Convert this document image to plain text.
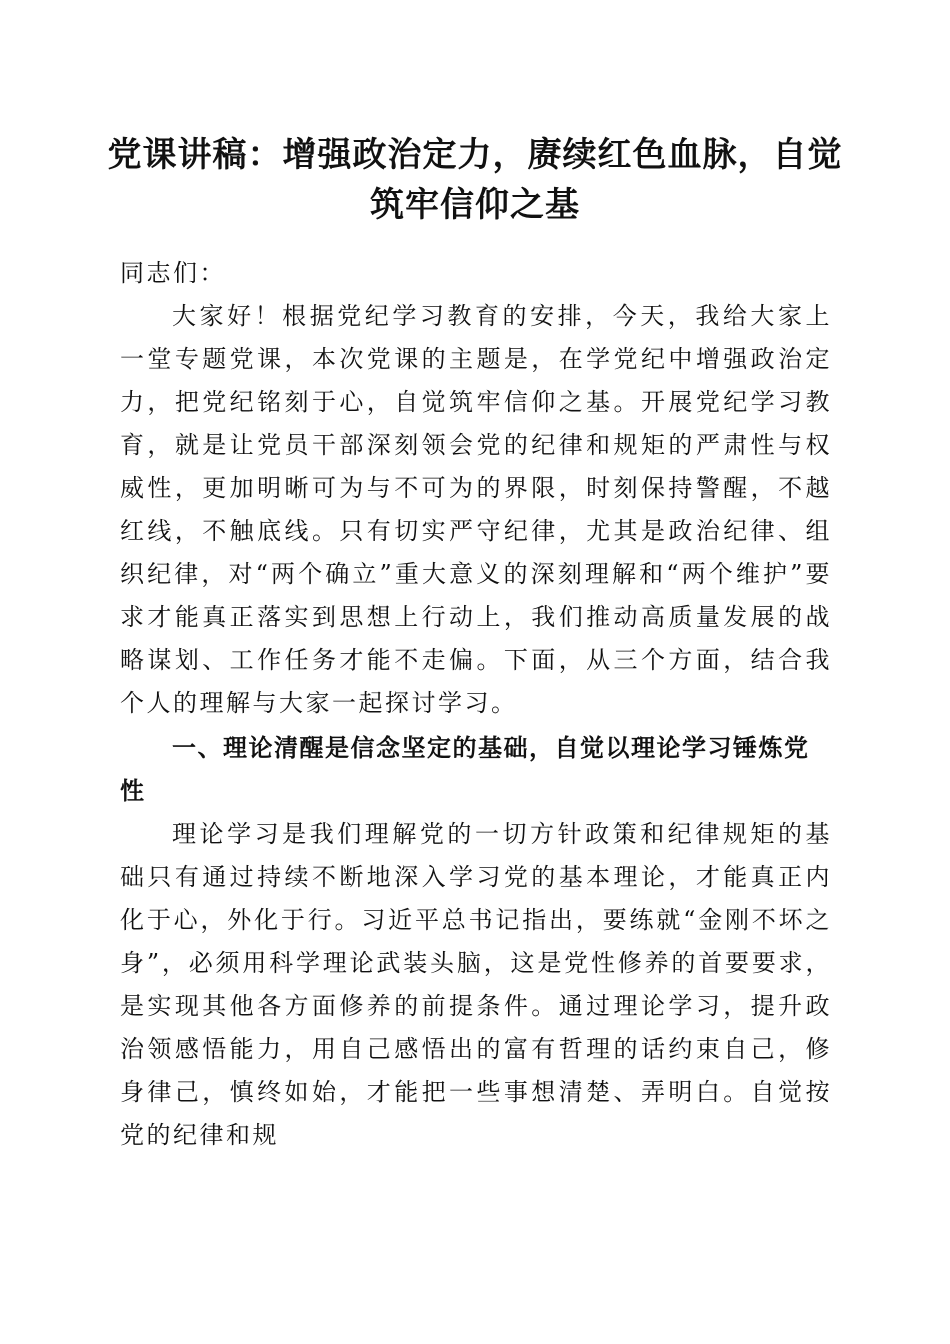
党课讲稿：增强政治定力，赓续红色血脉，自觉筑牢信仰之基

同志们：

大家好！根据党纪学习教育的安排，今天，我给大家上一堂专题党课，本次党课的主题是，在学党纪中增强政治定力，把党纪铭刻于心，自觉筑牢信仰之基。开展党纪学习教育，就是让党员干部深刻领会党的纪律和规矩的严肃性与权威性，更加明晰可为与不可为的界限，时刻保持警醒，不越红线，不触底线。只有切实严守纪律，尤其是政治纪律、组织纪律，对“两个确立”重大意义的深刻理解和“两个维护”要求才能真正落实到思想上行动上，我们推动高质量发展的战略谋划、工作任务才能不走偏。下面，从三个方面，结合我个人的理解与大家一起探讨学习。

一、理论清醒是信念坚定的基础，自觉以理论学习锤炼党性

理论学习是我们理解党的一切方针政策和纪律规矩的基础只有通过持续不断地深入学习党的基本理论，才能真正内化于心，外化于行。习近平总书记指出，要练就“金刚不坏之身”，必须用科学理论武装头脑，这是党性修养的首要要求，是实现其他各方面修养的前提条件。通过理论学习，提升政治领感悟能力，用自己感悟出的富有哲理的话约束自己，修身律己，慎终如始，才能把一些事想清楚、弄明白。自觉按党的纪律和规
